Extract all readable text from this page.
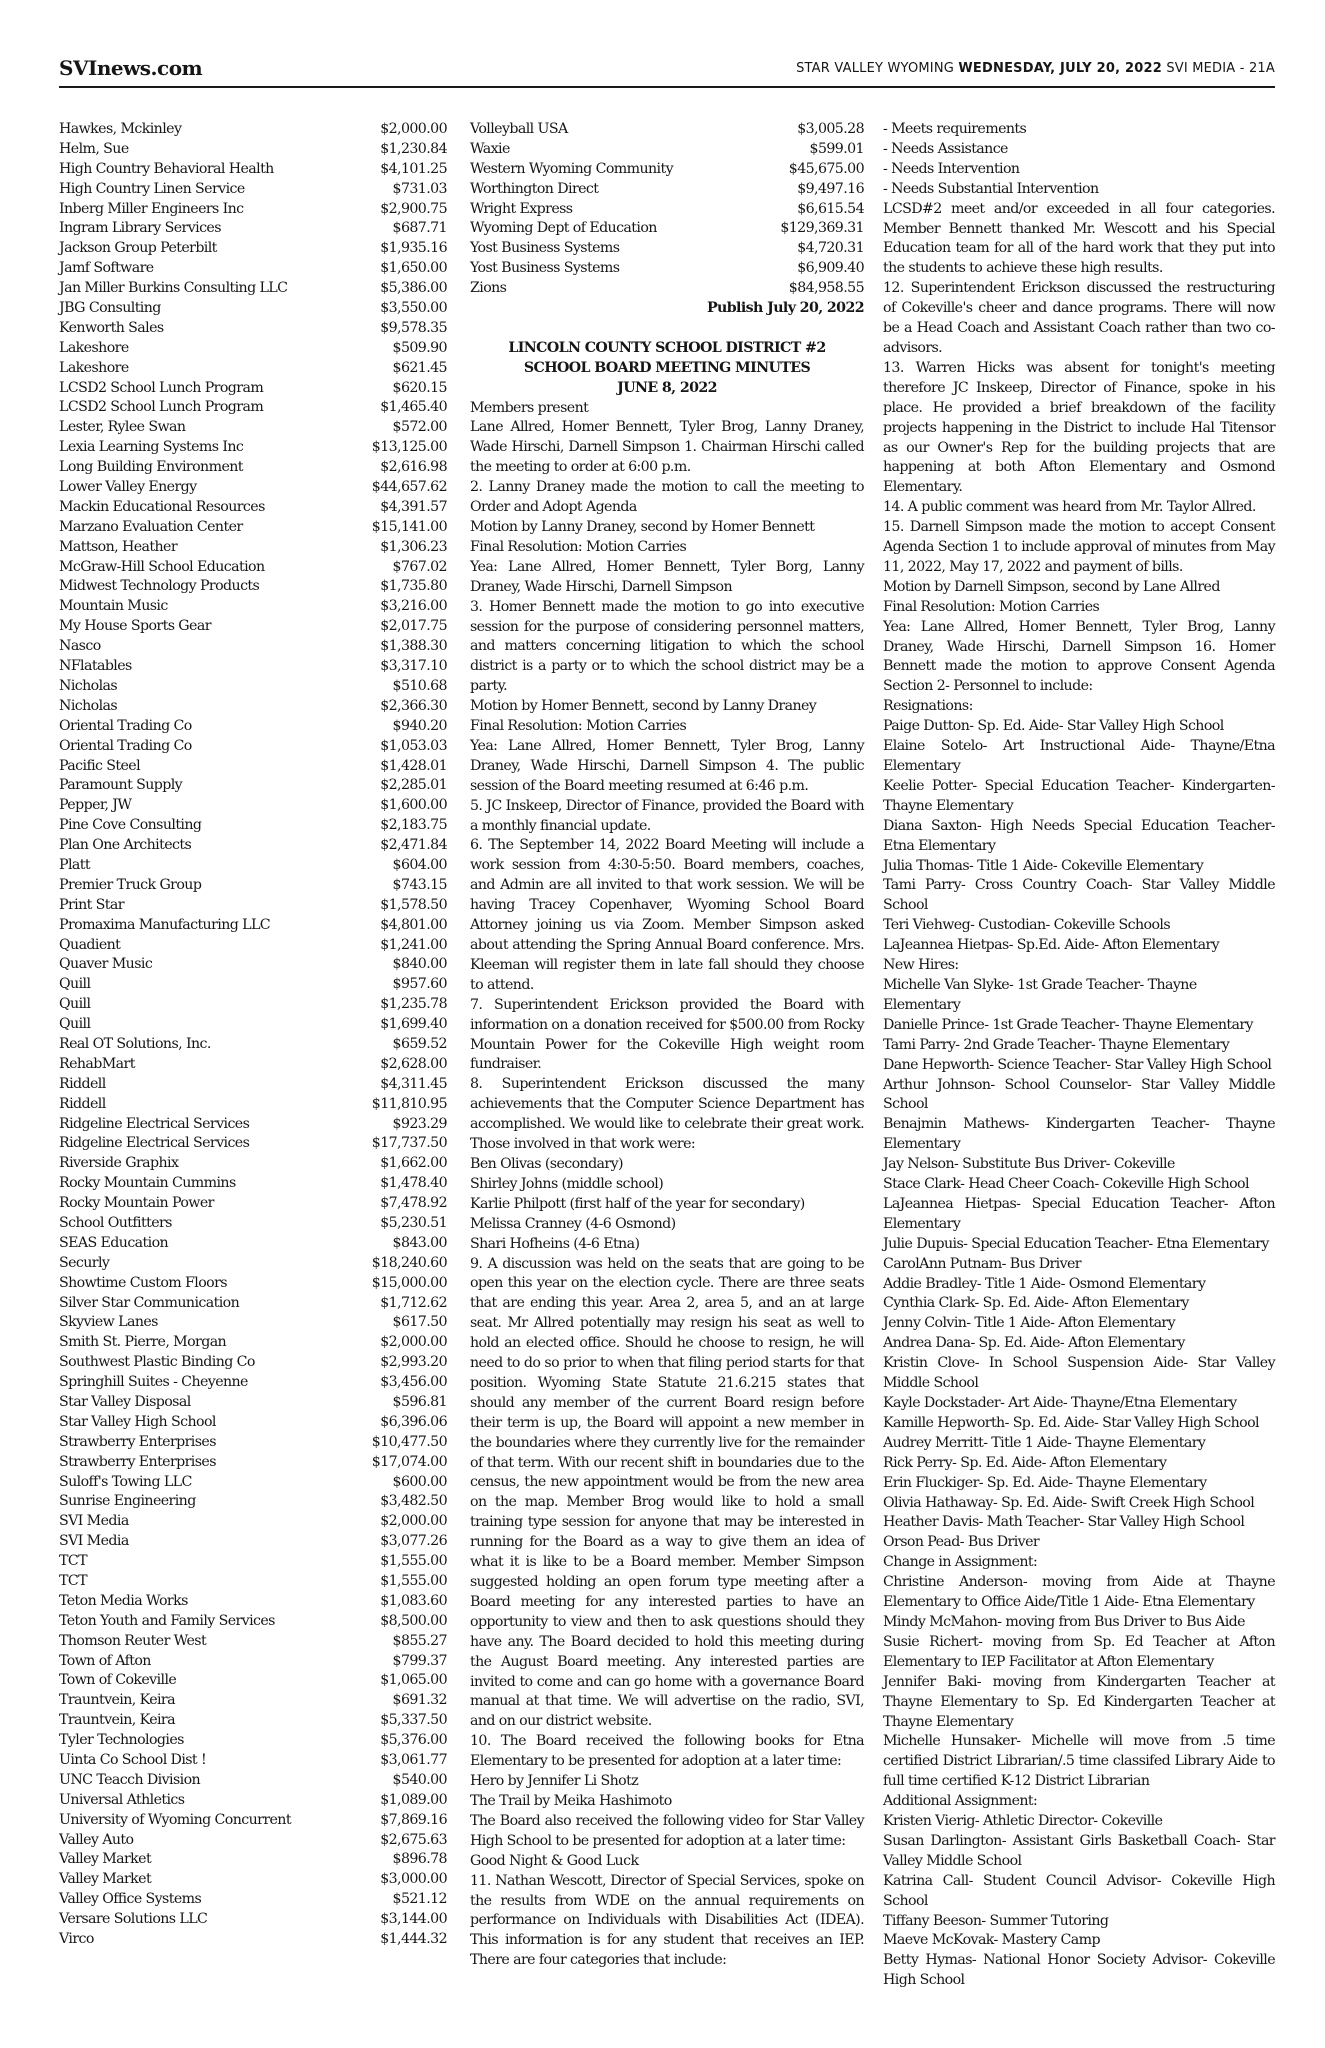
SVInews.com	STAR VALLEY WYOMING WEDNESDAY, JULY 20, 2022 SVI MEDIA - 21A
Hawkes, Mckinley	$2,000.00
Helm, Sue	$1,230.84
High Country Behavioral Health	$4,101.25
High Country Linen Service	$731.03
Inberg Miller Engineers Inc	$2,900.75
Ingram Library Services	$687.71
Jackson Group Peterbilt	$1,935.16
Jamf Software	$1,650.00
Jan Miller Burkins Consulting LLC	$5,386.00
JBG Consulting	$3,550.00
Kenworth Sales	$9,578.35
Lakeshore	$509.90
Lakeshore	$621.45
LCSD2 School Lunch Program	$620.15
LCSD2 School Lunch Program	$1,465.40
Lester, Rylee Swan	$572.00
Lexia Learning Systems Inc	$13,125.00
Long Building Environment	$2,616.98
Lower Valley Energy	$44,657.62
Mackin Educational Resources	$4,391.57
Marzano Evaluation Center	$15,141.00
Mattson, Heather	$1,306.23
McGraw-Hill School Education	$767.02
Midwest Technology Products	$1,735.80
Mountain Music	$3,216.00
My House Sports Gear	$2,017.75
Nasco	$1,388.30
NFlatables	$3,317.10
Nicholas	$510.68
Nicholas	$2,366.30
Oriental Trading Co	$940.20
Oriental Trading Co	$1,053.03
Pacific Steel	$1,428.01
Paramount Supply	$2,285.01
Pepper, JW	$1,600.00
Pine Cove Consulting	$2,183.75
Plan One Architects	$2,471.84
Platt	$604.00
Premier Truck Group	$743.15
Print Star	$1,578.50
Promaxima Manufacturing LLC	$4,801.00
Quadient	$1,241.00
Quaver Music	$840.00
Quill	$957.60
Quill	$1,235.78
Quill	$1,699.40
Real OT Solutions, Inc.	$659.52
RehabMart	$2,628.00
Riddell	$4,311.45
Riddell	$11,810.95
Ridgeline Electrical Services	$923.29
Ridgeline Electrical Services	$17,737.50
Riverside Graphix	$1,662.00
Rocky Mountain Cummins	$1,478.40
Rocky Mountain Power	$7,478.92
School Outfitters	$5,230.51
SEAS Education	$843.00
Securly	$18,240.60
Showtime Custom Floors	$15,000.00
Silver Star Communication	$1,712.62
Skyview Lanes	$617.50
Smith St. Pierre, Morgan	$2,000.00
Southwest Plastic Binding Co	$2,993.20
Springhill Suites - Cheyenne	$3,456.00
Star Valley Disposal	$596.81
Star Valley High School	$6,396.06
Strawberry Enterprises	$10,477.50
Strawberry Enterprises	$17,074.00
Suloff's Towing LLC	$600.00
Sunrise Engineering	$3,482.50
SVI Media	$2,000.00
SVI Media	$3,077.26
TCT	$1,555.00
TCT	$1,555.00
Teton Media Works	$1,083.60
Teton Youth and Family Services	$8,500.00
Thomson Reuter West	$855.27
Town of Afton	$799.37
Town of Cokeville	$1,065.00
Trauntvein, Keira	$691.32
Trauntvein, Keira	$5,337.50
Tyler Technologies	$5,376.00
Uinta Co School Dist !	$3,061.77
UNC Teacch Division	$540.00
Universal Athletics	$1,089.00
University of Wyoming Concurrent	$7,869.16
Valley Auto	$2,675.63
Valley Market	$896.78
Valley Market	$3,000.00
Valley Office Systems	$521.12
Versare Solutions LLC	$3,144.00
Virco	$1,444.32
Volleyball USA	$3,005.28
Waxie	$599.01
Western Wyoming Community	$45,675.00
Worthington Direct	$9,497.16
Wright Express	$6,615.54
Wyoming Dept of Education	$129,369.31
Yost Business Systems	$4,720.31
Yost Business Systems	$6,909.40
Zions	$84,958.55
Publish July 20, 2022
LINCOLN COUNTY SCHOOL DISTRICT #2
SCHOOL BOARD MEETING MINUTES
JUNE 8, 2022
Members present

Lane Allred, Homer Bennett, Tyler Brog, Lanny Draney, Wade Hirschi, Darnell Simpson 1. Chairman Hirschi called the meeting to order at 6:00 p.m.

2. Lanny Draney made the motion to call the meeting to Order and Adopt Agenda

Motion by Lanny Draney, second by Homer Bennett
Final Resolution: Motion Carries

Yea: Lane Allred, Homer Bennett, Tyler Borg, Lanny Draney, Wade Hirschi, Darnell Simpson

3. Homer Bennett made the motion to go into executive session for the purpose of considering personnel matters, and matters concerning litigation to which the school district is a party or to which the school district may be a party.

Motion by Homer Bennett, second by Lanny Draney
Final Resolution: Motion Carries

Yea: Lane Allred, Homer Bennett, Tyler Brog, Lanny Draney, Wade Hirschi, Darnell Simpson 4. The public session of the Board meeting resumed at 6:46 p.m.

5. JC Inskeep, Director of Finance, provided the Board with a monthly financial update.

6. The September 14, 2022 Board Meeting will include a work session from 4:30-5:50. Board members, coaches, and Admin are all invited to that work session. We will be having Tracey Copenhaver, Wyoming School Board Attorney joining us via Zoom. Member Simpson asked about attending the Spring Annual Board conference. Mrs. Kleeman will register them in late fall should they choose to attend.

7. Superintendent Erickson provided the Board with information on a donation received for $500.00 from Rocky Mountain Power for the Cokeville High weight room fundraiser.

8. Superintendent Erickson discussed the many achievements that the Computer Science Department has accomplished. We would like to celebrate their great work. Those involved in that work were:

Ben Olivas (secondary)
Shirley Johns (middle school)
Karlie Philpott (first half of the year for secondary)
Melissa Cranney (4-6 Osmond)
Shari Hofheins (4-6 Etna)

9. A discussion was held on the seats that are going to be open this year on the election cycle. There are three seats that are ending this year. Area 2, area 5, and an at large seat. Mr Allred potentially may resign his seat as well to hold an elected office. Should he choose to resign, he will need to do so prior to when that filing period starts for that position. Wyoming State Statute 21.6.215 states that should any member of the current Board resign before their term is up, the Board will appoint a new member in the boundaries where they currently live for the remainder of that term. With our recent shift in boundaries due to the census, the new appointment would be from the new area on the map. Member Brog would like to hold a small training type session for anyone that may be interested in running for the Board as a way to give them an idea of what it is like to be a Board member. Member Simpson suggested holding an open forum type meeting after a Board meeting for any interested parties to have an opportunity to view and then to ask questions should they have any. The Board decided to hold this meeting during the August Board meeting. Any interested parties are invited to come and can go home with a governance Board manual at that time. We will advertise on the radio, SVI, and on our district website.

10. The Board received the following books for Etna Elementary to be presented for adoption at a later time:

Hero by Jennifer Li Shotz
The Trail by Meika Hashimoto

The Board also received the following video for Star Valley High School to be presented for adoption at a later time:

Good Night & Good Luck

11. Nathan Wescott, Director of Special Services, spoke on the results from WDE on the annual requirements on performance on Individuals with Disabilities Act (IDEA). This information is for any student that receives an IEP. There are four categories that include:

- Meets requirements
- Needs Assistance
- Needs Intervention
- Needs Substantial Intervention

LCSD#2 meet and/or exceeded in all four categories. Member Bennett thanked Mr. Wescott and his Special Education team for all of the hard work that they put into the students to achieve these high results.

12. Superintendent Erickson discussed the restructuring of Cokeville's cheer and dance programs. There will now be a Head Coach and Assistant Coach rather than two co-advisors.

13. Warren Hicks was absent for tonight's meeting therefore JC Inskeep, Director of Finance, spoke in his place. He provided a brief breakdown of the facility projects happening in the District to include Hal Titensor as our Owner's Rep for the building projects that are happening at both Afton Elementary and Osmond Elementary.

14. A public comment was heard from Mr. Taylor Allred.

15. Darnell Simpson made the motion to accept Consent Agenda Section 1 to include approval of minutes from May 11, 2022, May 17, 2022 and payment of bills.

Motion by Darnell Simpson, second by Lane Allred
Final Resolution: Motion Carries

Yea: Lane Allred, Homer Bennett, Tyler Brog, Lanny Draney, Wade Hirschi, Darnell Simpson 16. Homer Bennett made the motion to approve Consent Agenda Section 2- Personnel to include:

Resignations:
Paige Dutton- Sp. Ed. Aide- Star Valley High School

Elaine Sotelo- Art Instructional Aide- Thayne/Etna Elementary

Keelie Potter- Special Education Teacher- Kindergarten- Thayne Elementary

Diana Saxton- High Needs Special Education Teacher- Etna Elementary

Julia Thomas- Title 1 Aide- Cokeville Elementary

Tami Parry- Cross Country Coach- Star Valley Middle School

Teri Viehweg- Custodian- Cokeville Schools
LaJeannea Hietpas- Sp.Ed. Aide- Afton Elementary
New Hires:
Michelle Van Slyke- 1st Grade Teacher- Thayne Elementary
Danielle Prince- 1st Grade Teacher- Thayne Elementary
Tami Parry- 2nd Grade Teacher- Thayne Elementary
Dane Hepworth- Science Teacher- Star Valley High School

Arthur Johnson- School Counselor- Star Valley Middle School

Benajmin Mathews- Kindergarten Teacher- Thayne Elementary

Jay Nelson- Substitute Bus Driver- Cokeville
Stace Clark- Head Cheer Coach- Cokeville High School

LaJeannea Hietpas- Special Education Teacher- Afton Elementary

Julie Dupuis- Special Education Teacher- Etna Elementary
CarolAnn Putnam- Bus Driver
Addie Bradley- Title 1 Aide- Osmond Elementary
Cynthia Clark- Sp. Ed. Aide- Afton Elementary
Jenny Colvin- Title 1 Aide- Afton Elementary
Andrea Dana- Sp. Ed. Aide- Afton Elementary

Kristin Clove- In School Suspension Aide- Star Valley Middle School

Kayle Dockstader- Art Aide- Thayne/Etna Elementary
Kamille Hepworth- Sp. Ed. Aide- Star Valley High School
Audrey Merritt- Title 1 Aide- Thayne Elementary
Rick Perry- Sp. Ed. Aide- Afton Elementary
Erin Fluckiger- Sp. Ed. Aide- Thayne Elementary
Olivia Hathaway- Sp. Ed. Aide- Swift Creek High School
Heather Davis- Math Teacher- Star Valley High School
Orson Pead- Bus Driver
Change in Assignment:

Christine Anderson- moving from Aide at Thayne Elementary to Office Aide/Title 1 Aide- Etna Elementary

Mindy McMahon- moving from Bus Driver to Bus Aide

Susie Richert- moving from Sp. Ed Teacher at Afton Elementary to IEP Facilitator at Afton Elementary

Jennifer Baki- moving from Kindergarten Teacher at Thayne Elementary to Sp. Ed Kindergarten Teacher at Thayne Elementary

Michelle Hunsaker- Michelle will move from .5 time certified District Librarian/.5 time classifed Library Aide to full time certified K-12 District Librarian

Additional Assignment:
Kristen Vierig- Athletic Director- Cokeville

Susan Darlington- Assistant Girls Basketball Coach- Star Valley Middle School

Katrina Call- Student Council Advisor- Cokeville High School

Tiffany Beeson- Summer Tutoring
Maeve McKovak- Mastery Camp

Betty Hymas- National Honor Society Advisor- Cokeville High School
